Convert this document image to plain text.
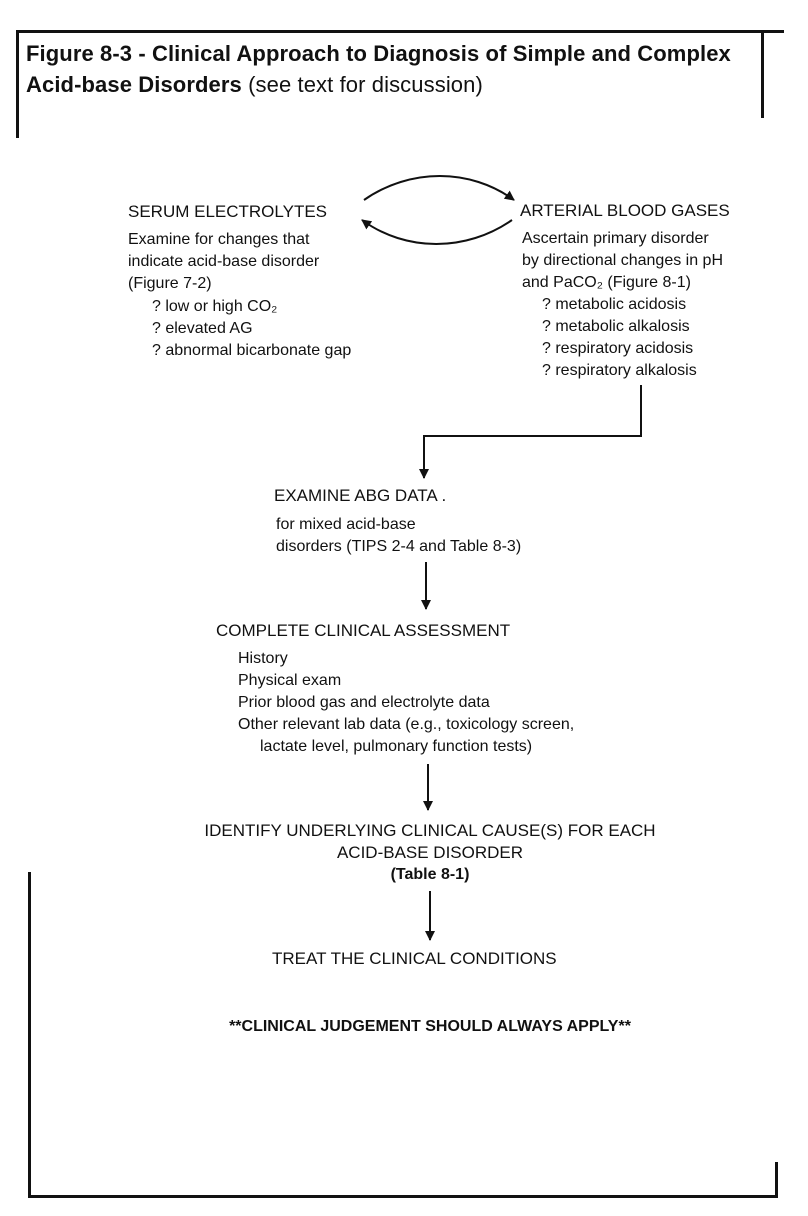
Figure 8-3 - Clinical Approach to Diagnosis of Simple and Complex Acid-base Disorders (see text for discussion)
SERUM ELECTROLYTES
Examine for changes that
indicate acid-base disorder
(Figure 7-2)
? low or high CO₂
? elevated AG
? abnormal bicarbonate gap
ARTERIAL BLOOD GASES
Ascertain primary disorder
by directional changes in pH
and PaCO₂ (Figure 8-1)
? metabolic acidosis
? metabolic alkalosis
? respiratory acidosis
? respiratory alkalosis
EXAMINE ABG DATA .
for mixed acid-base
disorders (TIPS 2-4 and Table 8-3)
COMPLETE CLINICAL ASSESSMENT
History
Physical exam
Prior blood gas and electrolyte data
Other relevant lab data (e.g., toxicology screen,
lactate level, pulmonary function tests)
IDENTIFY UNDERLYING CLINICAL CAUSE(S) FOR EACH
ACID-BASE DISORDER
(Table 8-1)
TREAT THE CLINICAL CONDITIONS
**CLINICAL JUDGEMENT SHOULD ALWAYS APPLY**
